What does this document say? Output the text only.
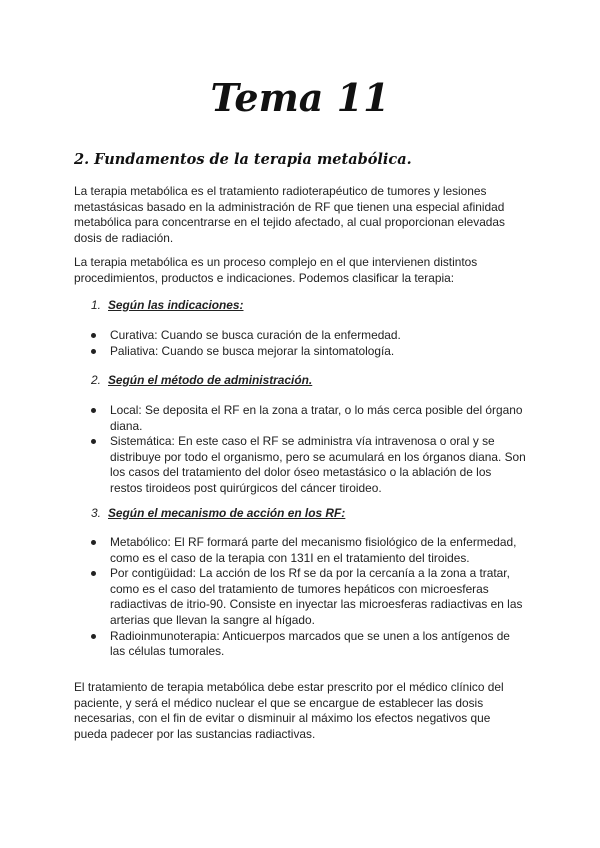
Tema 11
2. Fundamentos de la terapia metabólica.

La terapia metabólica es el tratamiento radioterapéutico de tumores y lesiones metastásicas basado en la administración de RF que tienen una especial afinidad metabólica para concentrarse en el tejido afectado, al cual proporcionan elevadas dosis de radiación.

La terapia metabólica es un proceso complejo en el que intervienen distintos procedimientos, productos e indicaciones. Podemos clasificar la terapia:

1. Según las indicaciones:

Curativa: Cuando se busca curación de la enfermedad.
Paliativa: Cuando se busca mejorar la sintomatología.

2. Según el método de administración.

Local: Se deposita el RF en la zona a tratar, o lo más cerca posible del órgano diana.
Sistemática: En este caso el RF se administra vía intravenosa o oral y se distribuye por todo el organismo, pero se acumulará en los órganos diana. Son los casos del tratamiento del dolor óseo metastásico o la ablación de los restos tiroideos post quirúrgicos del cáncer tiroideo.

3. Según el mecanismo de acción en los RF:

Metabólico: El RF formará parte del mecanismo fisiológico de la enfermedad, como es el caso de la terapia con 131I en el tratamiento del tiroides.
Por contigüidad: La acción de los Rf se da por la cercanía a la zona a tratar, como es el caso del tratamiento de tumores hepáticos con microesferas radiactivas de itrio-90. Consiste en inyectar las microesferas radiactivas en las arterias que llevan la sangre al hígado.
Radioinmunoterapia: Anticuerpos marcados que se unen a los antígenos de las células tumorales.

El tratamiento de terapia metabólica debe estar prescrito por el médico clínico del paciente, y será el médico nuclear el que se encargue de establecer las dosis necesarias, con el fin de evitar o disminuir al máximo los efectos negativos que pueda padecer por las sustancias radiactivas.
